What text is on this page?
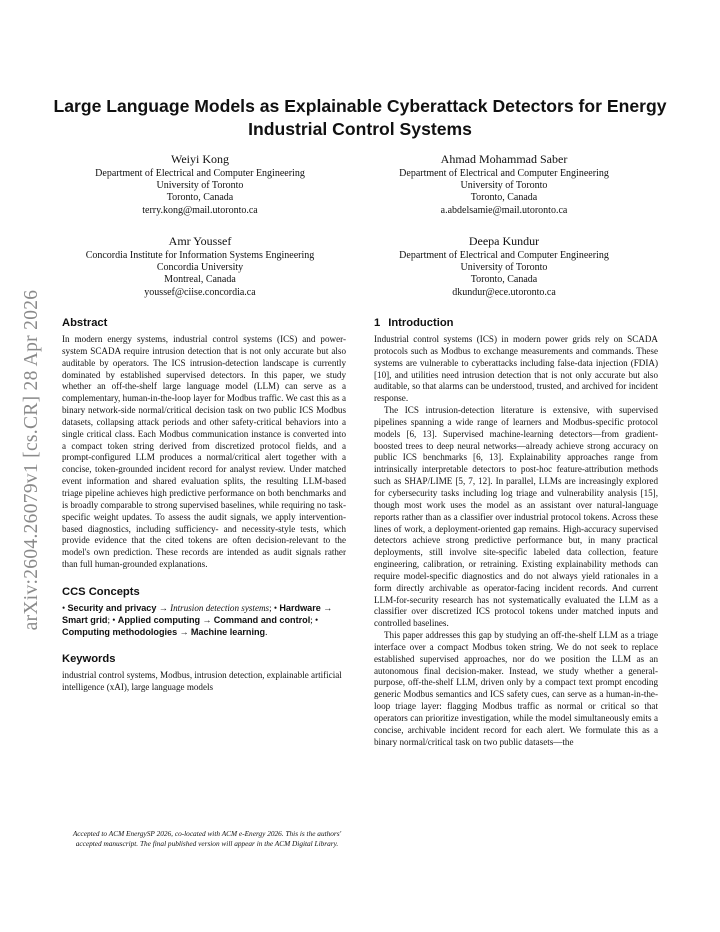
arXiv:2604.26079v1 [cs.CR] 28 Apr 2026
Large Language Models as Explainable Cyberattack Detectors for Energy Industrial Control Systems
Weiyi Kong
Department of Electrical and Computer Engineering
University of Toronto
Toronto, Canada
terry.kong@mail.utoronto.ca
Ahmad Mohammad Saber
Department of Electrical and Computer Engineering
University of Toronto
Toronto, Canada
a.abdelsamie@mail.utoronto.ca
Amr Youssef
Concordia Institute for Information Systems Engineering
Concordia University
Montreal, Canada
youssef@ciise.concordia.ca
Deepa Kundur
Department of Electrical and Computer Engineering
University of Toronto
Toronto, Canada
dkundur@ece.utoronto.ca
Abstract

In modern energy systems, industrial control systems (ICS) and power-system SCADA require intrusion detection that is not only accurate but also auditable by operators. The ICS intrusion-detection landscape is currently dominated by established supervised detectors. In this paper, we study whether an off-the-shelf large language model (LLM) can serve as a complementary, human-in-the-loop layer for Modbus traffic. We cast this as a binary network-side normal/critical decision task on two public ICS Modbus datasets, collapsing attack periods and other safety-critical behaviors into a single critical class. Each Modbus communication instance is converted into a compact token string derived from discretized protocol fields, and a prompt-configured LLM produces a normal/critical alert together with a concise, token-grounded incident record for analyst review. Under matched event information and shared evaluation splits, the resulting LLM-based triage pipeline achieves high predictive performance on both benchmarks and is broadly comparable to strong supervised baselines, while requiring no task-specific weight updates. To assess the audit signals, we apply intervention-based diagnostics, including sufficiency- and necessity-style tests, which provide evidence that the cited tokens are often decision-relevant to the model's own prediction. These records are intended as audit signals rather than full human-grounded explanations.

CCS Concepts

• Security and privacy → Intrusion detection systems; • Hardware → Smart grid; • Applied computing → Command and control; • Computing methodologies → Machine learning.

Keywords

industrial control systems, Modbus, intrusion detection, explainable artificial intelligence (xAI), large language models

Accepted to ACM EnergySP 2026, co-located with ACM e-Energy 2026. This is the authors' accepted manuscript. The final published version will appear in the ACM Digital Library.
1 Introduction

Industrial control systems (ICS) in modern power grids rely on SCADA protocols such as Modbus to exchange measurements and commands. These systems are vulnerable to cyberattacks including false-data injection (FDIA) [10], and utilities need intrusion detection that is not only accurate but also auditable, so that alarms can be understood, trusted, and archived for incident response.

The ICS intrusion-detection literature is extensive, with supervised pipelines spanning a wide range of learners and Modbus-specific protocol models [6, 13]. Supervised machine-learning detectors—from gradient-boosted trees to deep neural networks—already achieve strong accuracy on public ICS benchmarks [6, 13]. Explainability approaches range from intrinsically interpretable detectors to post-hoc feature-attribution methods such as SHAP/LIME [5, 7, 12]. In parallel, LLMs are increasingly explored for cybersecurity tasks including log triage and vulnerability analysis [15], though most work uses the model as an assistant over natural-language reports rather than as a classifier over industrial protocol tokens. Across these lines of work, a deployment-oriented gap remains. High-accuracy supervised detectors achieve strong predictive performance but, in many practical deployments, still involve site-specific labeled data collection, feature engineering, calibration, or retraining. Existing explainability methods can require model-specific diagnostics and do not always yield rationales in a form directly archivable as operator-facing incident records. And current LLM-for-security research has not systematically evaluated the LLM as a classifier over discretized ICS protocol tokens under matched inputs and controlled baselines.

This paper addresses this gap by studying an off-the-shelf LLM as a triage interface over a compact Modbus token string. We do not seek to replace established supervised approaches, nor do we position the LLM as an autonomous final decision-maker. Instead, we study whether a general-purpose, off-the-shelf LLM, driven only by a compact text prompt encoding generic Modbus semantics and ICS safety cues, can serve as a human-in-the-loop triage layer: flagging Modbus traffic as normal or critical so that operators can prioritize investigation, while the model simultaneously emits a concise, archivable incident record for each alert. We formulate this as a binary normal/critical task on two public datasets—the
